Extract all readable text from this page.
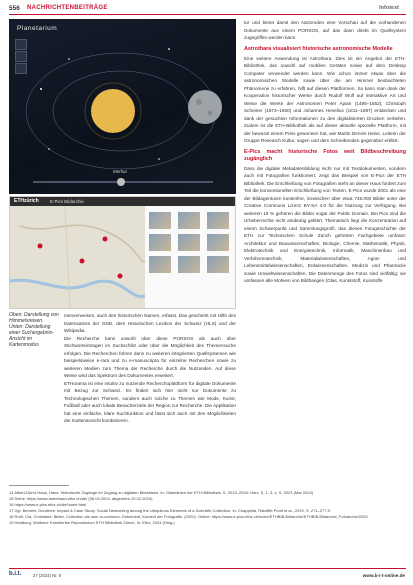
556 NACHRICHTENBEITRÄGE	Infotext
Planetarium
Merkur
ETHzürich	E-Pics Bildarchiv
Oben: Darstellung von Himmelsreisen. Unten: Darstellung einer Suchergebnis-Ansicht im Kartenmodus

menverweisen, auch den historischen Namen, erfasst. Das geschieht mit Hilfe des Datensatzes der GND, dem Historischen Lexikon der Schweiz (HLS) und der Wikipedia.

Die Recherche kann sowohl über diese PORSOS als auch über Stichworteintragen im Suchschlitz oder über die Möglichkeit des Themensuche erfolgen. Die Recherchen führen dann zu weiteren integrierten Quellsystemen wie beispielsweise e-rara und zu e-manuscripta für einzelne Recherchen sowie zu weiteren Medien zum Thema der Recherche durch die Nutzenden. Auf diese Weise wird das Spektrum des Dokumentes erweitert.

ETHorama ist eine intuitiv zu nutzende Recherchoplattform für digitale Dokumente mit Bezug zur Schweiz. Es finden sich hier nicht nur Dokumente zu Technologischen Themen, sondern auch solche zu Themen wie Mode, Kunst, Fußball oder auch lokale Besucherziele der Region zur Recherche. Die Applikation hat eine einfache, klare Suchfunktion und lässt sich auch mit den Möglichkeiten der Kartenansicht kombinieren.

tur und bietet damit den Nutzenden eine Vorschau auf die vorhandenen Dokumente aus einem PORSOS, auf das dann direkt im Quellsystem zugegriffen werden kann.

Astrothara visualisiert historische astronomische Modelle

Eine weitere Anwendung ist Astrothara. Dies ist ein Angebot der ETH-Bibliothek, das sowohl auf mobilen Geräten sowie auf dem Desktop Computer verwendet werden kann. Wie schon immer etwas über die astronomischen Modelle sowie über die am Himmel beobachteten Phänomene zu erfahren, hilft auf diesen Plattformen. So kann man dank der Kooperation historischer Werke durch Rudolf Wolf auf interaktive Art und Weise die Werke der Astronomen Peter Apian (1495–1552), Christoph Scheiner (1573–1650) und Johannes Hevelius (1611–1687) entdecken und dank der gesuchten Informationen zu den digitalisierten Drucken vertiefen. Zudem ist die ETH-Bibliothek als auf dieser aktuelle spezielle Plattform, mit der bewusst einem Preis gewonnen hat, wie Martin Dennis Heise, Leiterin der Gruppe Research Kultur, sagen und dem Schreibenden gegenüber erklärt.

E-Pics macht historische Fotos weit Bildbeschreibung zugänglich

Dass die digitale Metadatenbildung nicht nur mit Textdokumenten, sondern auch mit Fotografien funktioniert, zeigt das Beispiel von E-Pics der ETH Bibliothek. Die Erschließung von Fotografien steht an dieser Haus fordert zum Teil die konventionellen Erschließung von Texten. E-Pics wurde 2001 als eine der Bildagenturen kostenfrei, inzwischen über etwa 745.000 Bilder unter der Creative Commons Lizenz BY-SA 4.0 für die Nutzung zur Verfügung. Bei weiteren 19 % gehören die Bilder sogar der Public Domain. Bei Pics sind die Urheberrechte nicht eindeutig geklärt. Thematisch liegt die Konzentration auf einem Schwerpunkt und Sammlungsprofil, das dieses Fotogeschichte der ETH zur Technischen Schule Zürich gehörten Fachgebiete umfasst: Architektur und Bauwissenschaften, Biologie, Chemie, Mathematik, Physik, Elektrotechnik und Energietechnik, Informatik, Maschinenbau und Verfahrenstechnik, Materialwissenschaften, Agrar- und Lebensmittelwissenschaften, Erdwissenschaften, Medizin und Pharmazie sowie Umweltwissenschaften. Die Datenmenge des Fotos sind vielfältig; sie umfassen alle Motiven von Bildhangen (Glas, Kunststoff, Kunstoffe

14 Albert-Dürer-Haus, Hans: Historische Zugänge im Zugang zu digitalen Bildsätzen. In: Gästelinien der ETH-Bibliothek, S. 2019–2034; Harz, S. 1, 3, s. S. 2023 (Mar 2024)
15 Siehe: https://www.astrothara.ethz.ch/de/ (06.04.2024, abgerufen 20.02.2024)
16 https://www.e-pics.ethz.ch/de/home.html
17 Vgl. Berneis, Dorothee: Impact & Case Study: Social Networking among the Ubiquitous Elements of a Scientific Collection. In: Chappelia, Ratcliffe Ponti et al., 2019, S. 271–277 ff.
18 Roth, Cia, Christiane: Bilder, Collection als user-in-common: Dokument, Kontext der Fotografie, (2020). Online: https://www.e-pics.ethz.ch/index/ETHBIB.Bildarchiv/ETHBIB.Bildarchiv_Fotoarchiv/2020
19 Heidburg, Wolfram: Erweitertes Repositorium ETH Bibliothek Zürich, In: Ethz, 2024 (Hrsg.)
b.i.t.	27 (2024) Nr. 6	www.b-i-t-online.de
